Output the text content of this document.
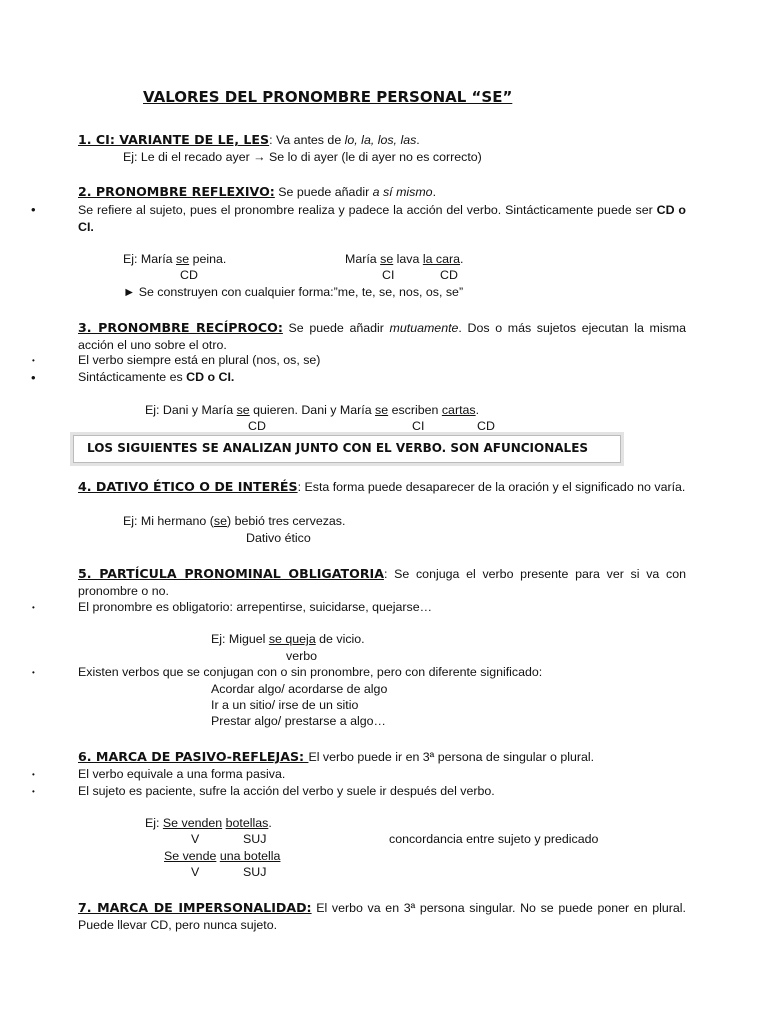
VALORES DEL PRONOMBRE PERSONAL “SE”
1. CI: VARIANTE DE LE, LES: Va antes de lo, la, los, las.
Ej: Le di el recado ayer → Se lo di ayer (le di ayer no es correcto)
2. PRONOMBRE REFLEXIVO: Se puede añadir a sí mismo.
•	Se refiere al sujeto, pues el pronombre realiza y padece la acción del verbo. Sintácticamente puede ser CD o CI.
Ej: María se peina.	María se lava la cara.
CD	CI	CD
► Se construyen con cualquier forma:”me, te, se, nos, os, se”
3. PRONOMBRE RECÍPROCO: Se puede añadir mutuamente. Dos o más sujetos ejecutan la misma acción el uno sobre el otro.
•	El verbo siempre está en plural (nos, os, se)
•	Sintácticamente es CD o CI.
Ej: Dani y María se quieren. Dani y María se escriben cartas.
CD	CI	CD
LOS SIGUIENTES SE ANALIZAN JUNTO CON EL VERBO. SON AFUNCIONALES
4. DATIVO ÉTICO O DE INTERÉS: Esta forma puede desaparecer de la oración y el significado no varía.
Ej: Mi hermano (se) bebió tres cervezas.
Dativo ético
5. PARTÍCULA PRONOMINAL OBLIGATORIA: Se conjuga el verbo presente para ver si va con pronombre o no.
•	El pronombre es obligatorio: arrepentirse, suicidarse, quejarse…
Ej: Miguel se queja de vicio.
verbo
•	Existen verbos que se conjugan con o sin pronombre, pero con diferente significado:
Acordar algo/ acordarse de algo
Ir a un sitio/ irse de un sitio
Prestar algo/ prestarse a algo…
6. MARCA DE PASIVO-REFLEJAS: El verbo puede ir en 3ª persona de singular o plural.
•	El verbo equivale a una forma pasiva.
•	El sujeto es paciente, sufre la acción del verbo y suele ir después del verbo.
Ej: Se venden botellas.
V	SUJ	concordancia entre sujeto y predicado
Se vende una botella
V	SUJ
7. MARCA DE IMPERSONALIDAD: El verbo va en 3ª persona singular. No se puede poner en plural. Puede llevar CD, pero nunca sujeto.
